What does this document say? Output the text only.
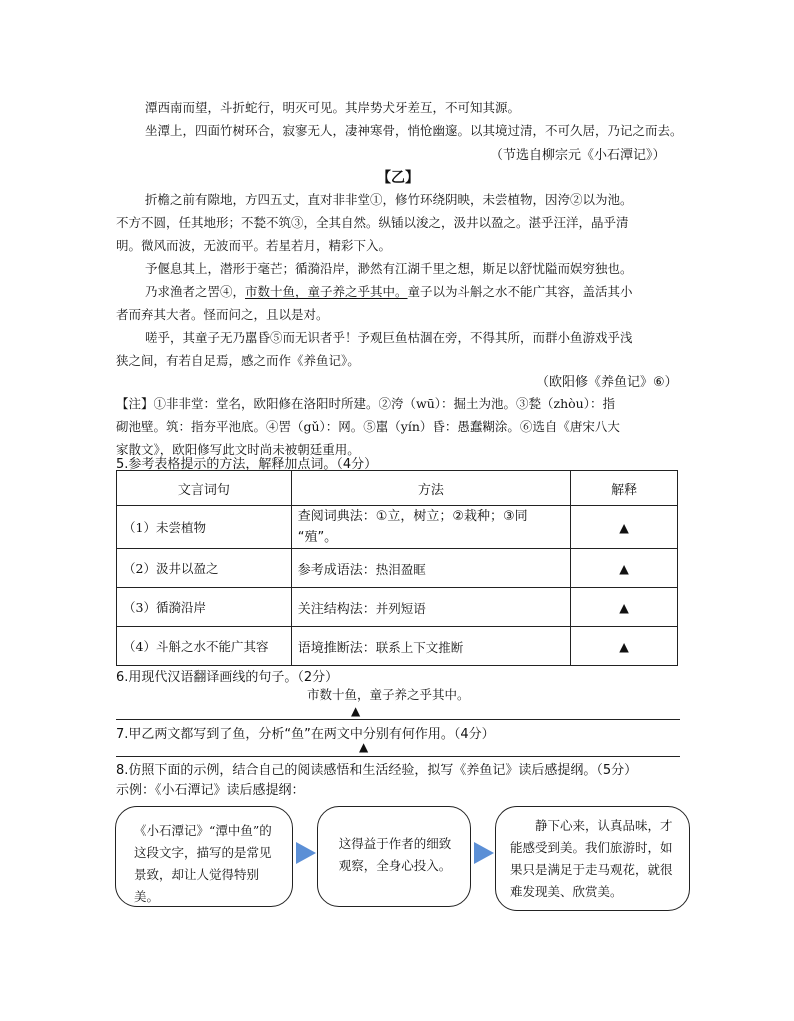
潭西南而望，斗折蛇行，明灭可见。其岸势犬牙差互，不可知其源。
坐潭上，四面竹树环合，寂寥无人，凄神寒骨，悄怆幽邃。以其境过清，不可久居，乃记之而去。
（节选自柳宗元《小石潭记》）
【乙】
折檐之前有隙地，方四五丈，直对非非堂①，修竹环绕阴映，未尝植物，因洿②以为池。
不方不圆，任其地形；不甃不筑③，全其自然。纵锸以浚之，汲井以盈之。湛乎汪洋，晶乎清
明。微风而波，无波而平。若星若月，精彩下入。
予偃息其上，潜形于毫芒；循漪沿岸，渺然有江湖千里之想，斯足以舒忧隘而娱穷独也。
乃求渔者之罟④，市数十鱼，童子养之乎其中。童子以为斗斛之水不能广其容，盖活其小
者而弃其大者。怪而问之，且以是对。
嗟乎，其童子无乃嚚昏⑤而无识者乎！予观巨鱼枯涸在旁，不得其所，而群小鱼游戏乎浅
狭之间，有若自足焉，感之而作《养鱼记》。
（欧阳修《养鱼记》⑥）
【注】①非非堂：堂名，欧阳修在洛阳时所建。②洿（wū）：掘土为池。③甃（zhòu）：指
砌池壁。筑：指夯平池底。④罟（gǔ）：网。⑤嚚（yín）昏：愚蠢糊涂。⑥选自《唐宋八大
家散文》，欧阳修写此文时尚未被朝廷重用。
5.参考表格提示的方法，解释加点词。（4分）
文言词句	方法	解释
（1）未尝植物	查阅词典法：①立，树立；②栽种；③同
“殖”。	▲
（2）汲井以盈之	参考成语法：热泪盈眶	▲
（3）循漪沿岸	关注结构法：并列短语	▲
（4）斗斛之水不能广其容	语境推断法：联系上下文推断	▲
6.用现代汉语翻译画线的句子。（2分）
市数十鱼，童子养之乎其中。
▲
7.甲乙两文都写到了鱼，分析“鱼”在两文中分别有何作用。（4分）
▲
8.仿照下面的示例，结合自己的阅读感悟和生活经验，拟写《养鱼记》读后感提纲。（5分）
示例：《小石潭记》读后感提纲：
《小石潭记》“潭中鱼”的这段文字，描写的是常见景致，却让人觉得特别美。
这得益于作者的细致观察，全身心投入。
静下心来，认真品味，才能感受到美。我们旅游时，如果只是满足于走马观花，就很难发现美、欣赏美。
